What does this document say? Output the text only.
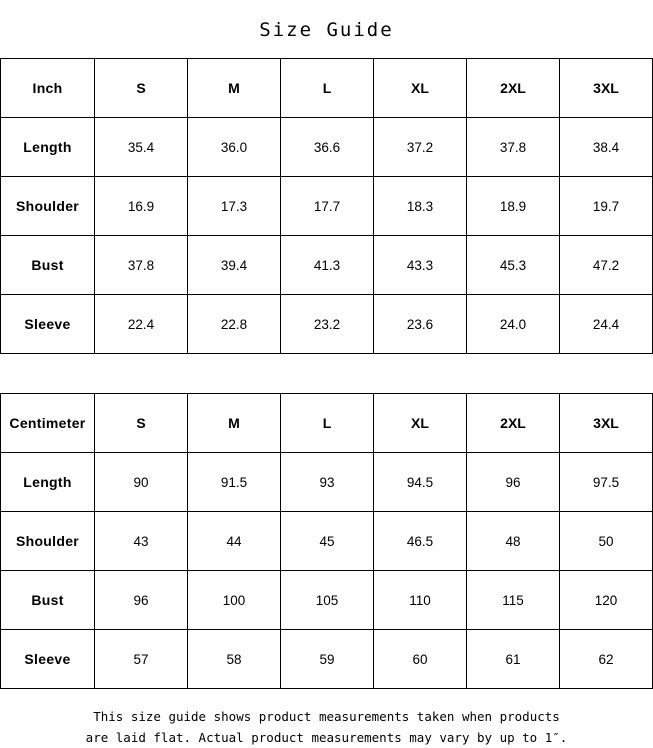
Size Guide
Inch	S	M	L	XL	2XL	3XL
Length	35.4	36.0	36.6	37.2	37.8	38.4
Shoulder	16.9	17.3	17.7	18.3	18.9	19.7
Bust	37.8	39.4	41.3	43.3	45.3	47.2
Sleeve	22.4	22.8	23.2	23.6	24.0	24.4
Centimeter	S	M	L	XL	2XL	3XL
Length	90	91.5	93	94.5	96	97.5
Shoulder	43	44	45	46.5	48	50
Bust	96	100	105	110	115	120
Sleeve	57	58	59	60	61	62
This size guide shows product measurements taken when products
are laid flat. Actual product measurements may vary by up to 1″.
